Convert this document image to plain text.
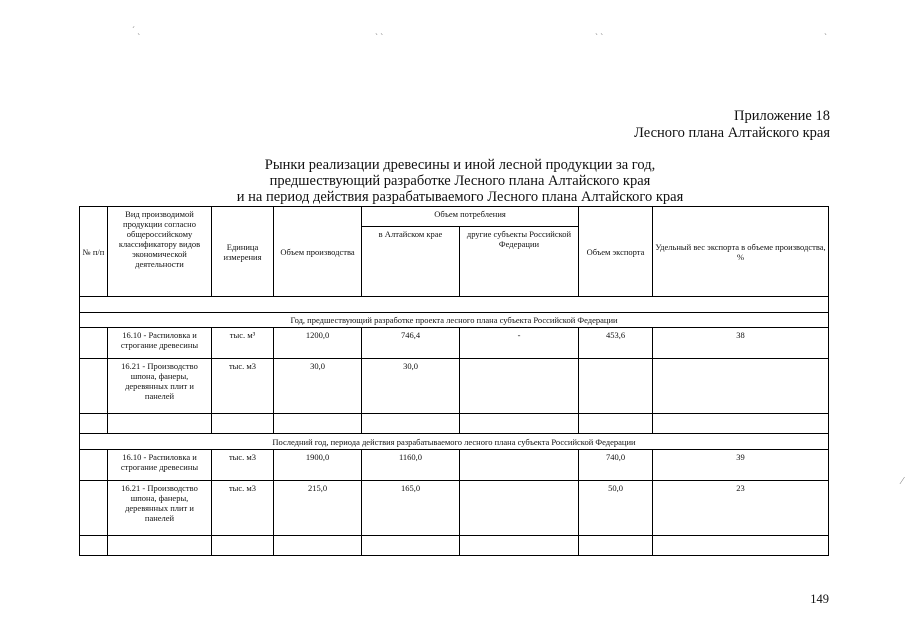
´ ˏ	ˏ ˏ	ˏ ˏ	ˏ
⁄
Приложение 18
Лесного плана Алтайского края
Рынки реализации древесины и иной лесной продукции за год,
предшествующий разработке Лесного плана Алтайского края
и на период действия разрабатываемого Лесного плана Алтайского края
№ п/п	Вид производимой продукции согласно общероссийскому классификатору видов экономической деятельности	Единица измерения	Объем производства	Объем потребления		Объем экспорта	Удельный вес экспорта в объеме производства, %
				в Алтайском крае	другие субъекты Российской Федерации		

Год, предшествующий разработке проекта лесного плана субъекта Российской Федерации							
	16.10 - Распиловка и строгание древесины	тыс. м³	1200,0	746,4	-	453,6	38
	16.21 - Производство шпона, фанеры, деревянных плит и панелей	тыс. м3	30,0	30,0			

Последний год, периода действия разрабатываемого лесного плана субъекта Российской Федерации							
	16.10 - Распиловка и строгание древесины	тыс. м3	1900,0	1160,0		740,0	39
	16.21 - Производство шпона, фанеры, деревянных плит и панелей	тыс. м3	215,0	165,0		50,0	23

149
